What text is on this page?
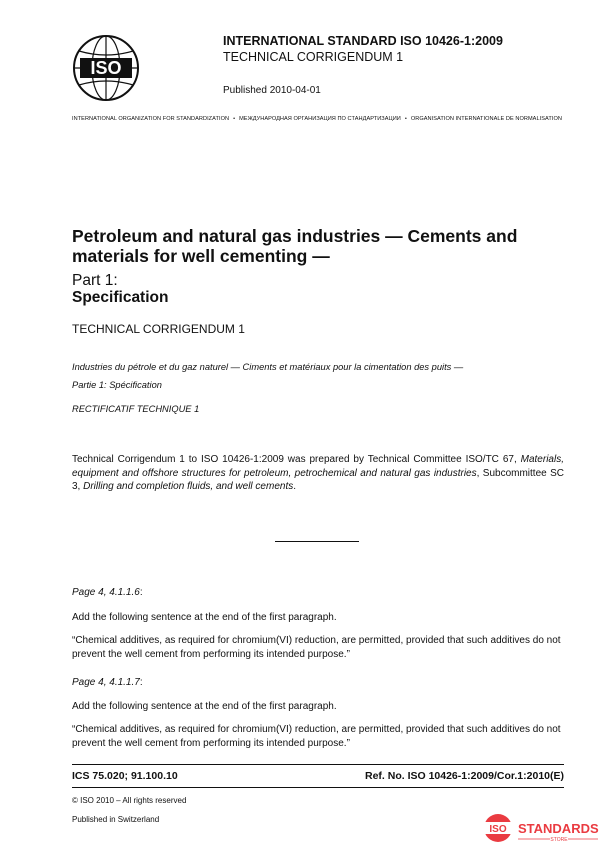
ISO
INTERNATIONAL STANDARD ISO 10426-1:2009
TECHNICAL CORRIGENDUM 1
Published 2010-04-01
INTERNATIONAL ORGANIZATION FOR STANDARDIZATION • МЕЖДУНАРОДНАЯ ОРГАНИЗАЦИЯ ПО СТАНДАРТИЗАЦИИ • ORGANISATION INTERNATIONALE DE NORMALISATION
Petroleum and natural gas industries — Cements and materials for well cementing —
Part 1:
Specification
TECHNICAL CORRIGENDUM 1
Industries du pétrole et du gaz naturel — Ciments et matériaux pour la cimentation des puits —
Partie 1: Spécification
RECTIFICATIF TECHNIQUE 1
Technical Corrigendum 1 to ISO 10426-1:2009 was prepared by Technical Committee ISO/TC 67, Materials, equipment and offshore structures for petroleum, petrochemical and natural gas industries, Subcommittee SC 3, Drilling and completion fluids, and well cements.
Page 4, 4.1.1.6:
Add the following sentence at the end of the first paragraph.
“Chemical additives, as required for chromium(VI) reduction, are permitted, provided that such additives do not prevent the well cement from performing its intended purpose.”
Page 4, 4.1.1.7:
Add the following sentence at the end of the first paragraph.
“Chemical additives, as required for chromium(VI) reduction, are permitted, provided that such additives do not prevent the well cement from performing its intended purpose.”
ICS 75.020; 91.100.10	Ref. No. ISO 10426-1:2009/Cor.1:2010(E)
© ISO 2010 – All rights reserved
Published in Switzerland
ISO STANDARDS
STORE
